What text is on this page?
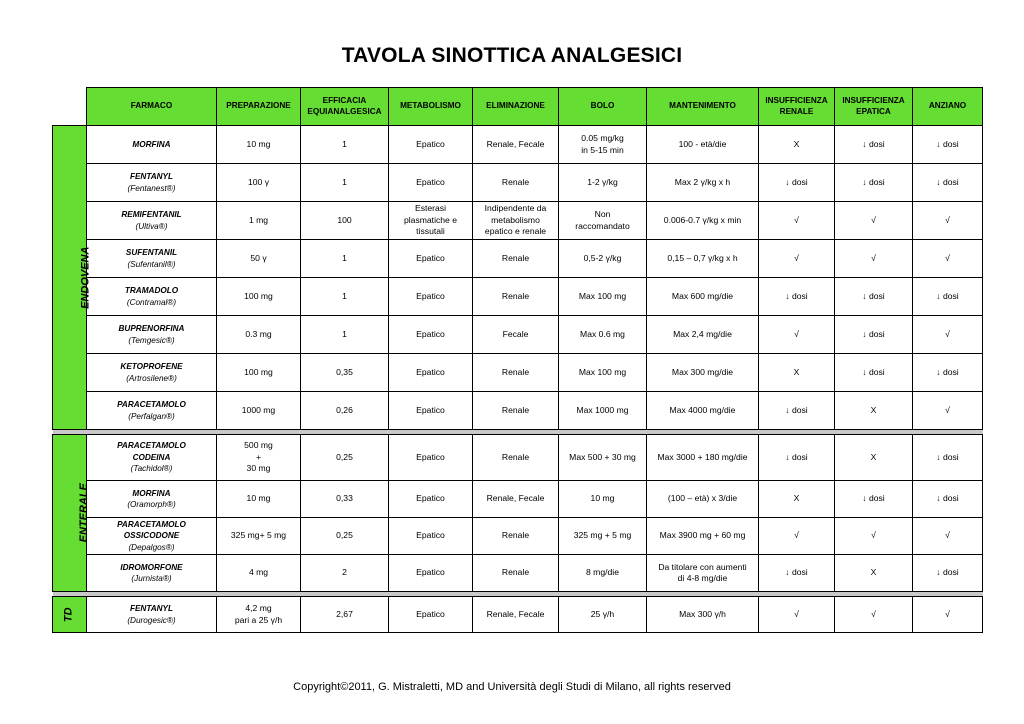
TAVOLA SINOTTICA ANALGESICI
	FARMACO	PREPARAZIONE	EFFICACIA EQUIANALGESICA	METABOLISMO	ELIMINAZIONE	BOLO	MANTENIMENTO	INSUFFICIENZA RENALE	INSUFFICIENZA EPATICA	ANZIANO
ENDOVENA	MORFINA	10 mg	1	Epatico	Renale, Fecale	0.05 mg/kg
in 5-15 min	100 - età/die	X	↓ dosi	↓ dosi

	FENTANYL
(Fentanest®)	100 γ	1	Epatico	Renale	1-2 γ/kg	Max 2 γ/kg x h	↓ dosi	↓ dosi	↓ dosi

	REMIFENTANIL
(Ultiva®)	1 mg	100	Esterasi
plasmatiche e
tissutali	Indipendente da
metabolismo
epatico e renale	Non
raccomandato	0.006-0.7 γ/kg x min	√	√	√

	SUFENTANIL
(Sufentanil®)	50 γ	1	Epatico	Renale	0,5-2 γ/kg	0,15 – 0,7 γ/kg x h	√	√	√

	TRAMADOLO
(Contramal®)	100 mg	1	Epatico	Renale	Max 100 mg	Max 600 mg/die	↓ dosi	↓ dosi	↓ dosi

	BUPRENORFINA
(Temgesic®)	0.3 mg	1	Epatico	Fecale	Max 0.6 mg	Max 2,4 mg/die	√	↓ dosi	√

	KETOPROFENE
(Artrosilene®)	100 mg	0,35	Epatico	Renale	Max 100 mg	Max 300 mg/die	X	↓ dosi	↓ dosi

	PARACETAMOLO
(Perfalgan®)	1000 mg	0,26	Epatico	Renale	Max 1000 mg	Max 4000 mg/die	↓ dosi	X	√

ENTERALE	PARACETAMOLO
CODEINA
(Tachidol®)	500 mg
+
30 mg	0,25	Epatico	Renale	Max 500 + 30 mg	Max 3000 + 180 mg/die	↓ dosi	X	↓ dosi

	MORFINA
(Oramorph®)	10 mg	0,33	Epatico	Renale, Fecale	10 mg	(100 – età) x 3/die	X	↓ dosi	↓ dosi

	PARACETAMOLO
OSSICODONE
(Depalgos®)	325 mg+ 5 mg	0,25	Epatico	Renale	325 mg + 5 mg	Max 3900 mg + 60 mg	√	√	√

	IDROMORFONE
(Jurnista®)	4 mg	2	Epatico	Renale	8 mg/die	Da titolare con aumenti
di 4-8 mg/die	↓ dosi	X	↓ dosi

TD	FENTANYL
(Durogesic®)	4,2 mg
pari a 25 γ/h	2,67	Epatico	Renale, Fecale	25 γ/h	Max 300 γ/h	√	√	√
Copyright©2011, G. Mistraletti, MD and Università degli Studi di Milano, all rights reserved
